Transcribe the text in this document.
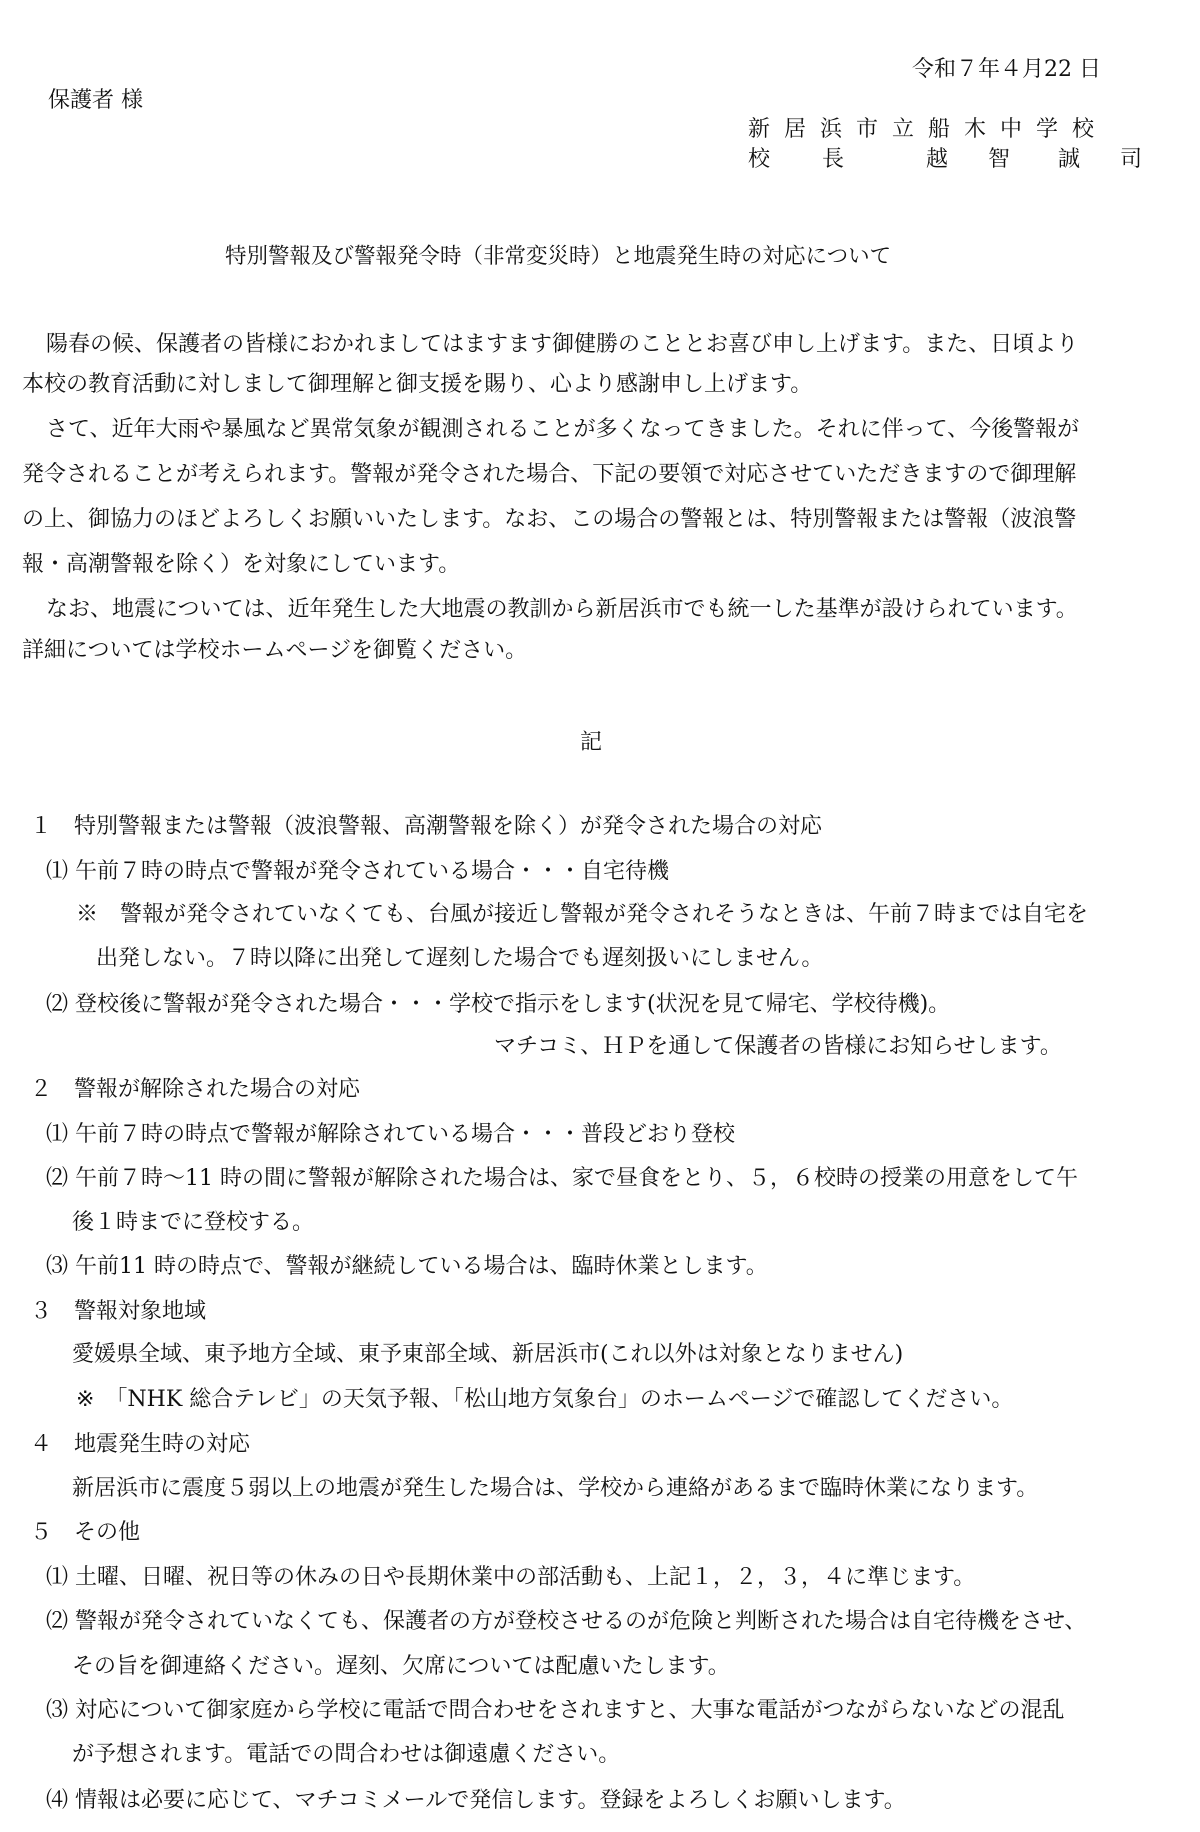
令和７年４月22 日

保護者 様

新居浜市立船木中学校

校 長	越 智 誠 司

特別警報及び警報発令時（非常変災時）と地震発生時の対応について

陽春の候、保護者の皆様におかれましてはますます御健勝のこととお喜び申し上げます。また、日頃より

本校の教育活動に対しまして御理解と御支援を賜り、心より感謝申し上げます。

さて、近年大雨や暴風など異常気象が観測されることが多くなってきました。それに伴って、今後警報が

発令されることが考えられます。警報が発令された場合、下記の要領で対応させていただきますので御理解

の上、御協力のほどよろしくお願いいたします。なお、この場合の警報とは、特別警報または警報（波浪警

報・高潮警報を除く）を対象にしています。

なお、地震については、近年発生した大地震の教訓から新居浜市でも統一した基準が設けられています。

詳細については学校ホームページを御覧ください。

記

１　特別警報または警報（波浪警報、高潮警報を除く）が発令された場合の対応

⑴ 午前７時の時点で警報が発令されている場合・・・自宅待機

※　警報が発令されていなくても、台風が接近し警報が発令されそうなときは、午前７時までは自宅を

出発しない。７時以降に出発して遅刻した場合でも遅刻扱いにしません。

⑵ 登校後に警報が発令された場合・・・学校で指示をします(状況を見て帰宅、学校待機)。

マチコミ、ＨＰを通して保護者の皆様にお知らせします。

２　警報が解除された場合の対応

⑴ 午前７時の時点で警報が解除されている場合・・・普段どおり登校

⑵ 午前７時～11 時の間に警報が解除された場合は、家で昼食をとり、５，６校時の授業の用意をして午

後１時までに登校する。

⑶ 午前11 時の時点で、警報が継続している場合は、臨時休業とします。

３　警報対象地域

愛媛県全域、東予地方全域、東予東部全域、新居浜市(これ以外は対象となりません)

※　「NHK 総合テレビ」の天気予報、「松山地方気象台」のホームページで確認してください。

４　地震発生時の対応

新居浜市に震度５弱以上の地震が発生した場合は、学校から連絡があるまで臨時休業になります。

５　その他

⑴ 土曜、日曜、祝日等の休みの日や長期休業中の部活動も、上記１，２，３，４に準じます。

⑵ 警報が発令されていなくても、保護者の方が登校させるのが危険と判断された場合は自宅待機をさせ、

その旨を御連絡ください。遅刻、欠席については配慮いたします。

⑶ 対応について御家庭から学校に電話で問合わせをされますと、大事な電話がつながらないなどの混乱

が予想されます。電話での問合わせは御遠慮ください。

⑷ 情報は必要に応じて、マチコミメールで発信します。登録をよろしくお願いします。
